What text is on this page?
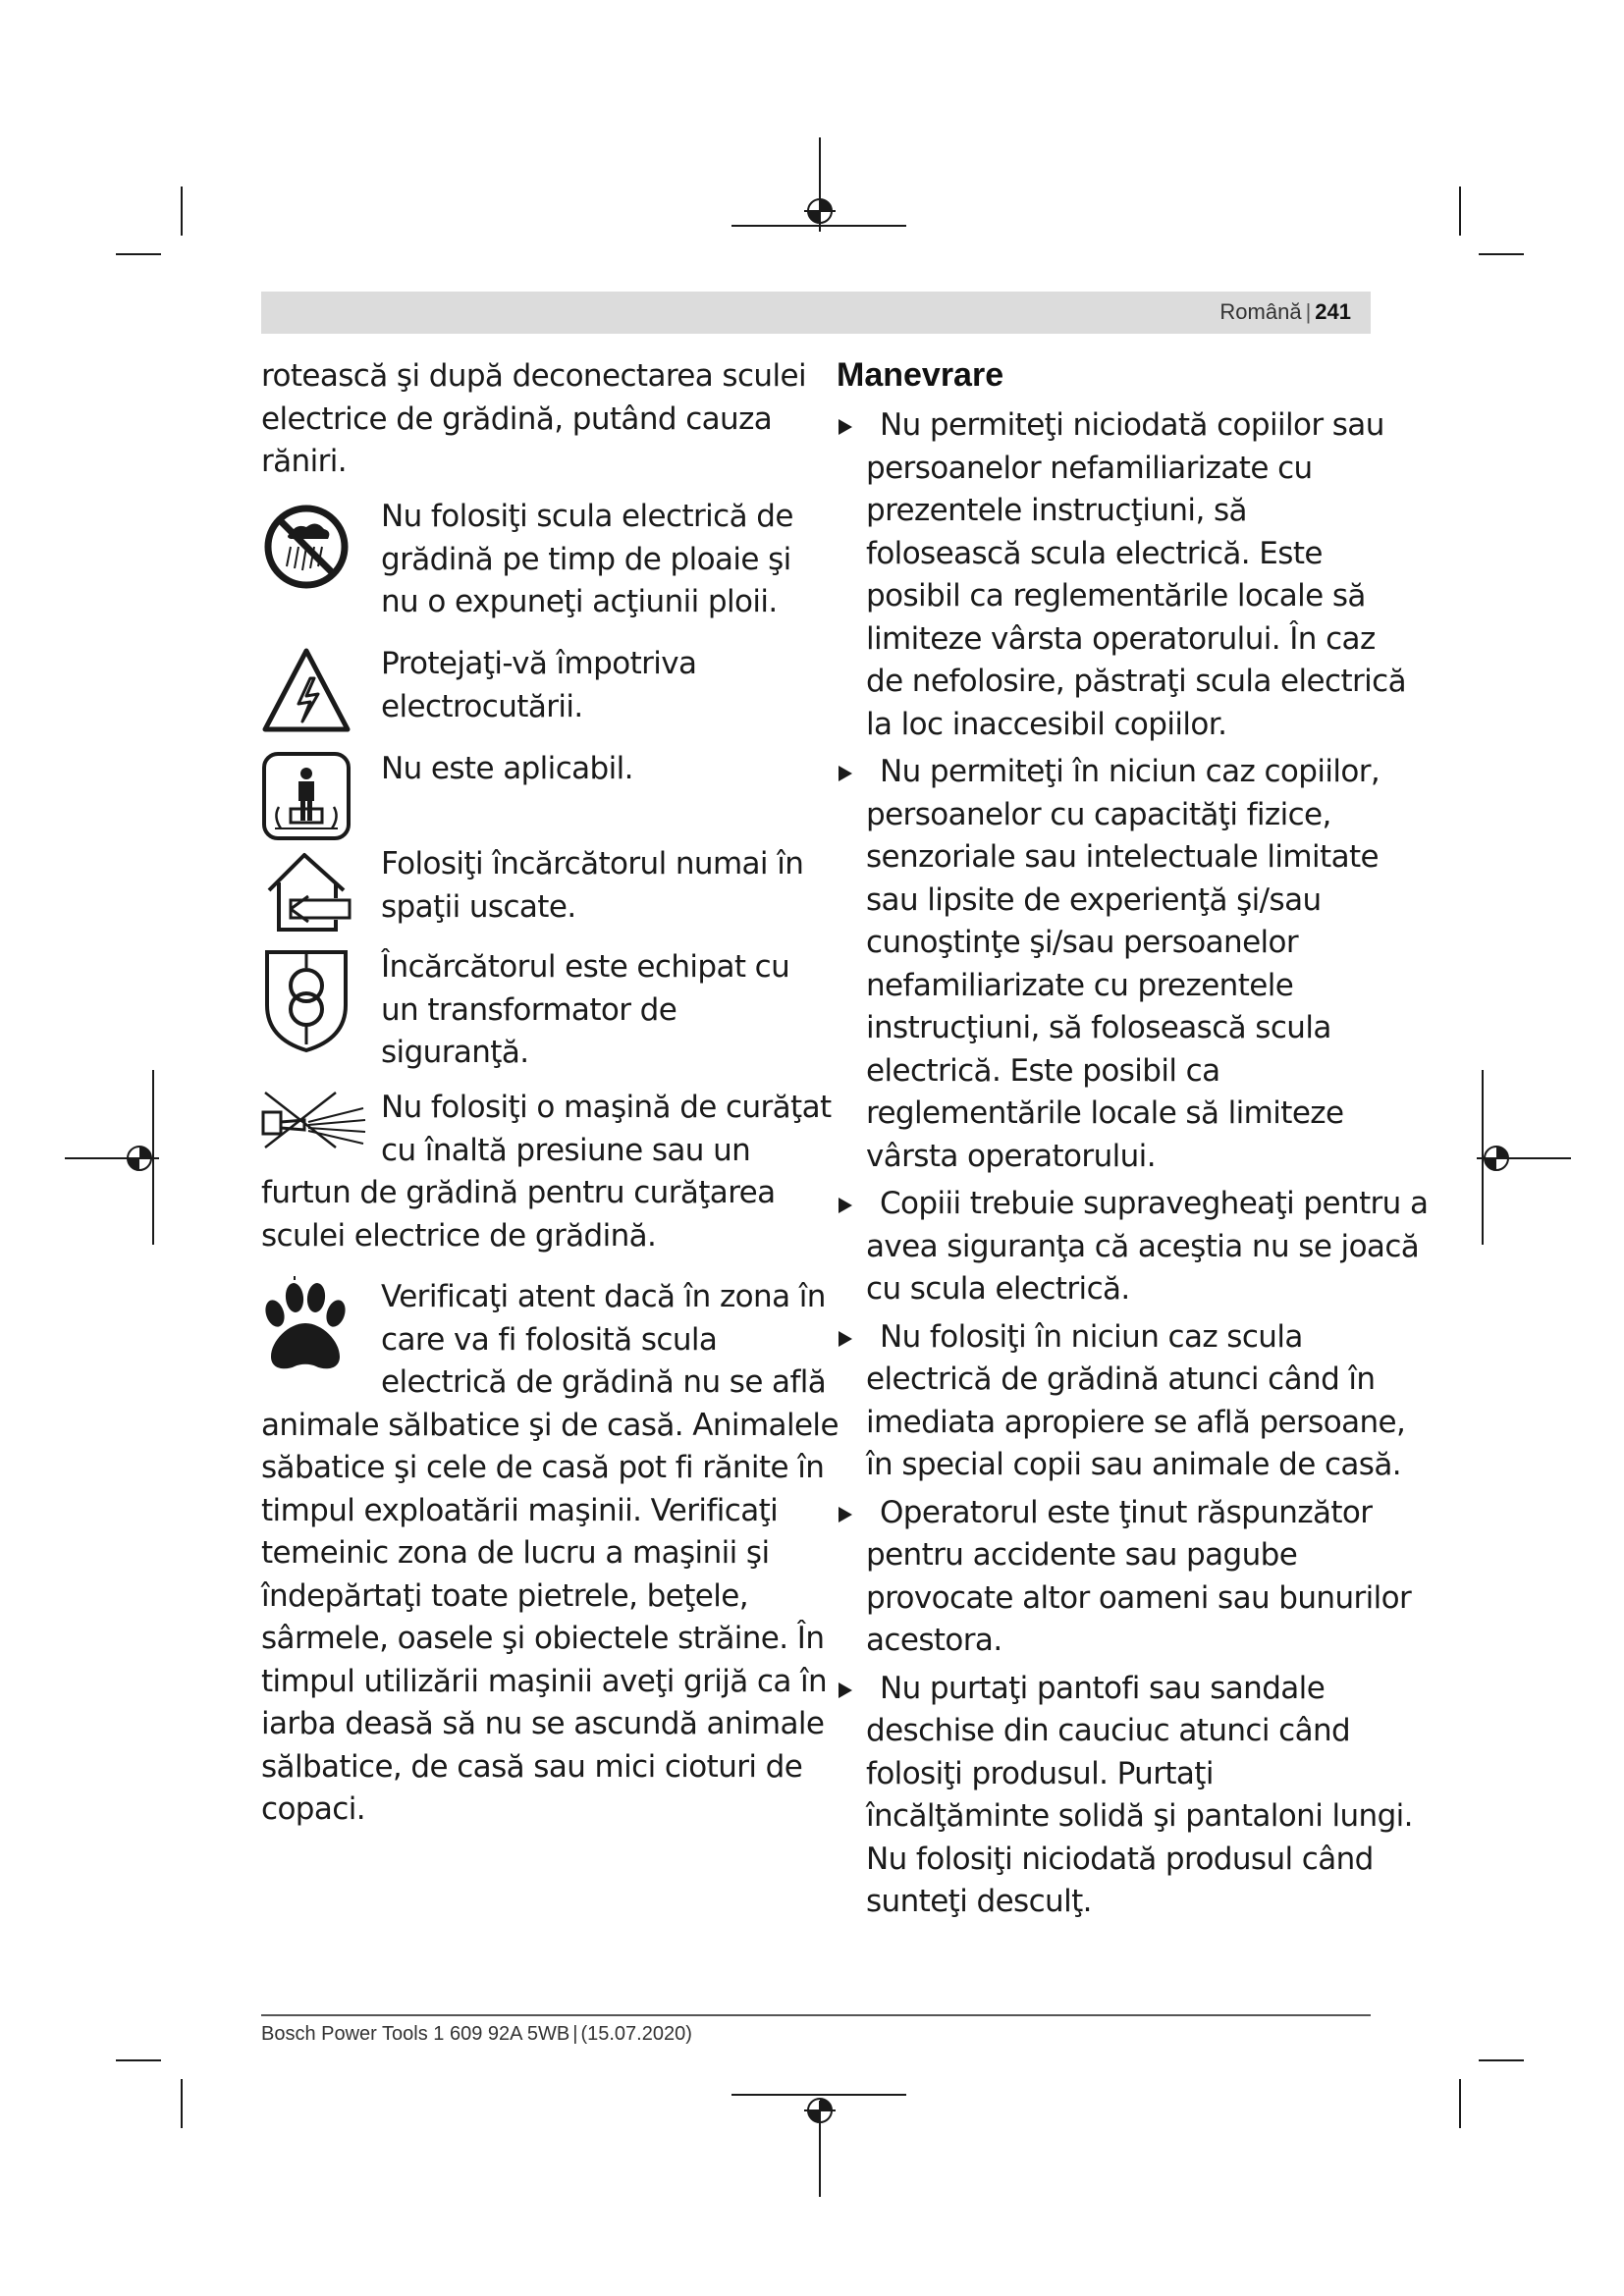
Română | 241
rotească şi după deconectarea sculei
electrice de grădină, putând cauza
răniri.
Nu folosiţi scula electrică de
grădină pe timp de ploaie şi
nu o expuneţi acţiunii ploii.
Protejaţi-vă împotriva
electrocutării.
Nu este aplicabil.
Folosiţi încărcătorul numai în
spaţii uscate.
Încărcătorul este echipat cu
un transformator de
siguranţă.
Nu folosiţi o maşină de curăţat
cu înaltă presiune sau un
furtun de grădină pentru curăţarea
sculei electrice de grădină.
Verificaţi atent dacă în zona în
care va fi folosită scula
electrică de grădină nu se află
animale sălbatice şi de casă. Animalele
săbatice şi cele de casă pot fi rănite în
timpul exploatării maşinii. Verificaţi
temeinic zona de lucru a maşinii şi
îndepărtaţi toate pietrele, beţele,
sârmele, oasele şi obiectele străine. În
timpul utilizării maşinii aveţi grijă ca în
iarba deasă să nu se ascundă animale
sălbatice, de casă sau mici cioturi de
copaci.
Manevrare
Nu permiteţi niciodată copiilor sau
persoanelor nefamiliarizate cu
prezentele instrucţiuni, să
folosească scula electrică. Este
posibil ca reglementările locale să
limiteze vârsta operatorului. În caz
de nefolosire, păstraţi scula electrică
la loc inaccesibil copiilor.
Nu permiteţi în niciun caz copiilor,
persoanelor cu capacităţi fizice,
senzoriale sau intelectuale limitate
sau lipsite de experienţă şi/sau
cunoştinţe şi/sau persoanelor
nefamiliarizate cu prezentele
instrucţiuni, să folosească scula
electrică. Este posibil ca
reglementările locale să limiteze
vârsta operatorului.
Copiii trebuie supravegheaţi pentru a
avea siguranţa că aceştia nu se joacă
cu scula electrică.
Nu folosiţi în niciun caz scula
electrică de grădină atunci când în
imediata apropiere se află persoane,
în special copii sau animale de casă.
Operatorul este ţinut răspunzător
pentru accidente sau pagube
provocate altor oameni sau bunurilor
acestora.
Nu purtaţi pantofi sau sandale
deschise din cauciuc atunci când
folosiţi produsul. Purtaţi
încălţăminte solidă şi pantaloni lungi.
Nu folosiţi niciodată produsul când
sunteţi desculţ.
Bosch Power Tools 1 609 92A 5WB | (15.07.2020)
